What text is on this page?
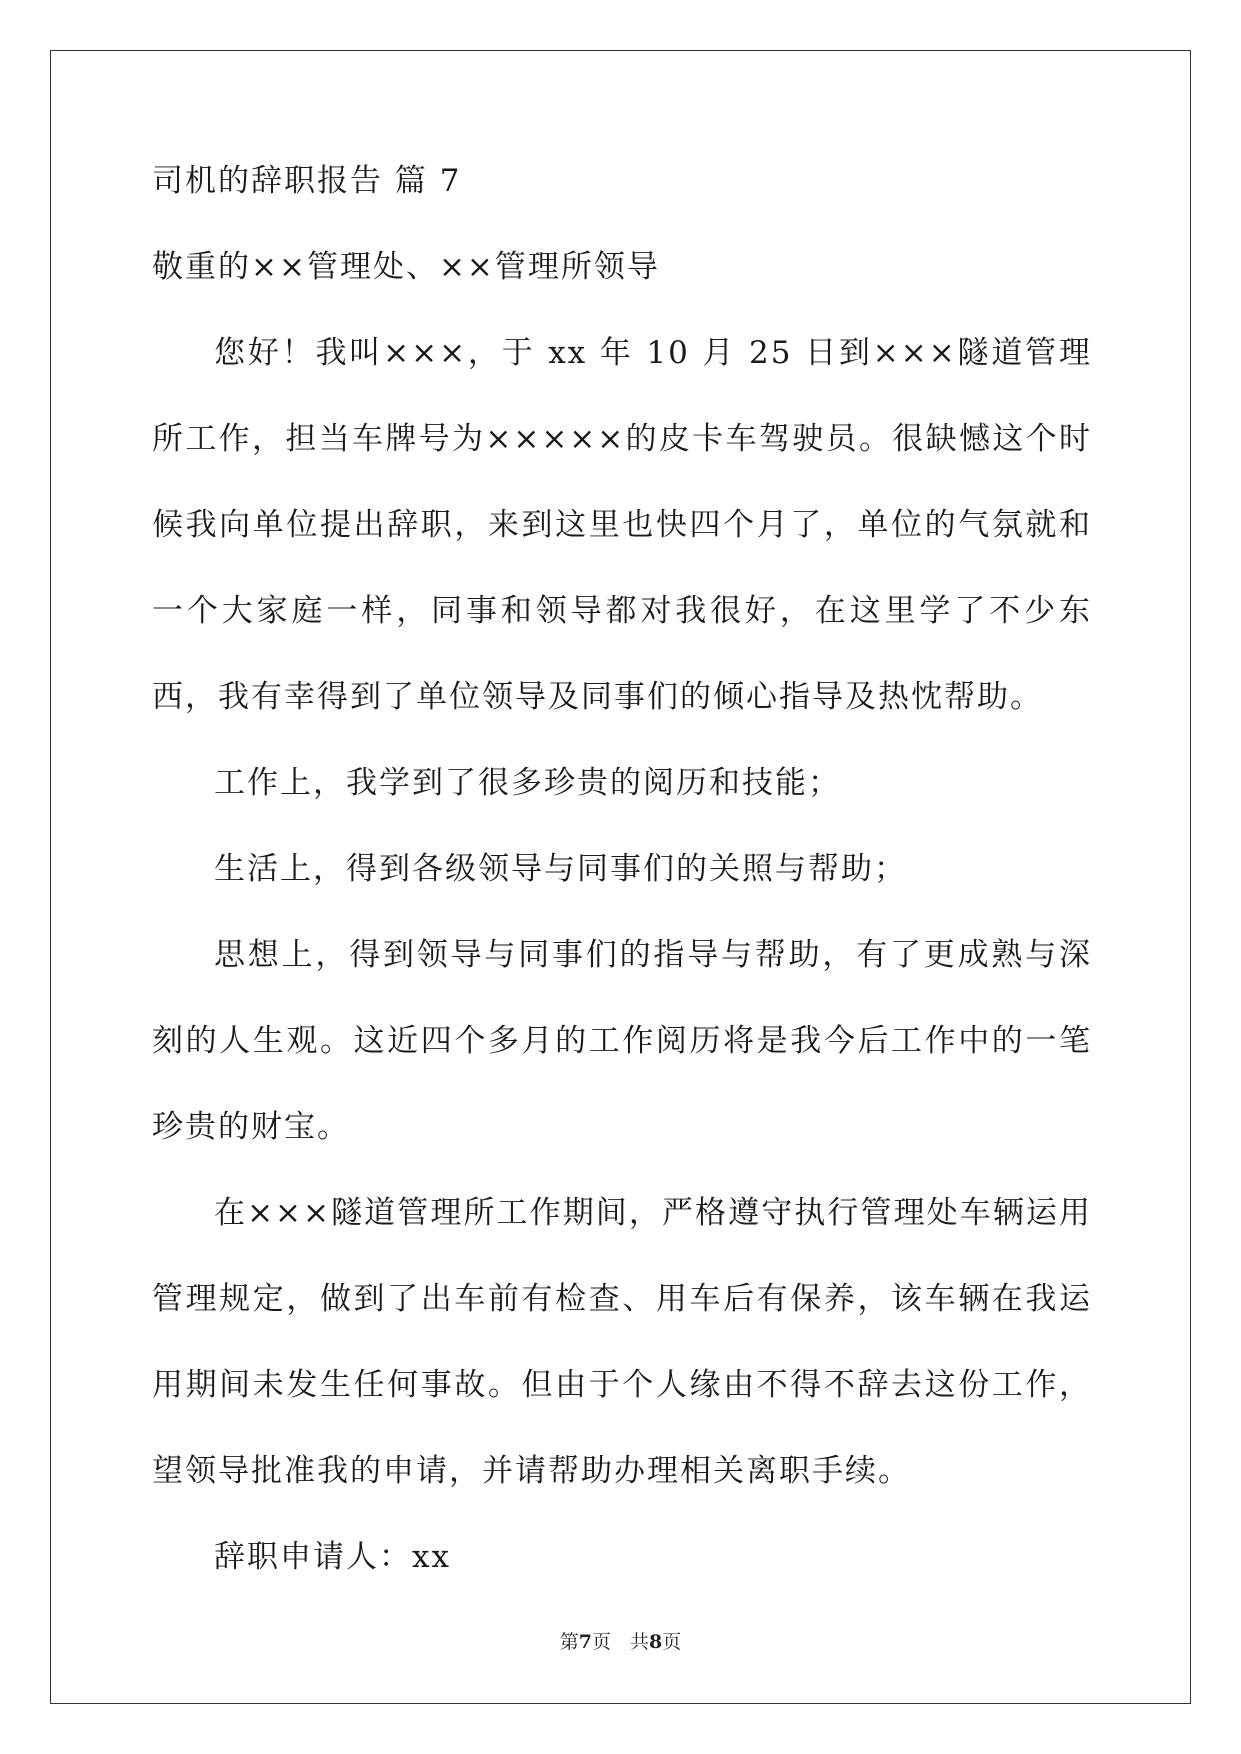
司机的辞职报告 篇 7
敬重的××管理处、××管理所领导

您好！我叫×××，于 xx 年 10 月 25 日到×××隧道管理所工作，担当车牌号为×××××的皮卡车驾驶员。很缺憾这个时候我向单位提出辞职，来到这里也快四个月了，单位的气氛就和一个大家庭一样，同事和领导都对我很好，在这里学了不少东西，我有幸得到了单位领导及同事们的倾心指导及热忱帮助。

工作上，我学到了很多珍贵的阅历和技能；

生活上，得到各级领导与同事们的关照与帮助；

思想上，得到领导与同事们的指导与帮助，有了更成熟与深刻的人生观。这近四个多月的工作阅历将是我今后工作中的一笔珍贵的财宝。

在×××隧道管理所工作期间，严格遵守执行管理处车辆运用管理规定，做到了出车前有检查、用车后有保养，该车辆在我运用期间未发生任何事故。但由于个人缘由不得不辞去这份工作，望领导批准我的申请，并请帮助办理相关离职手续。

辞职申请人：xx

第7页　共8页
